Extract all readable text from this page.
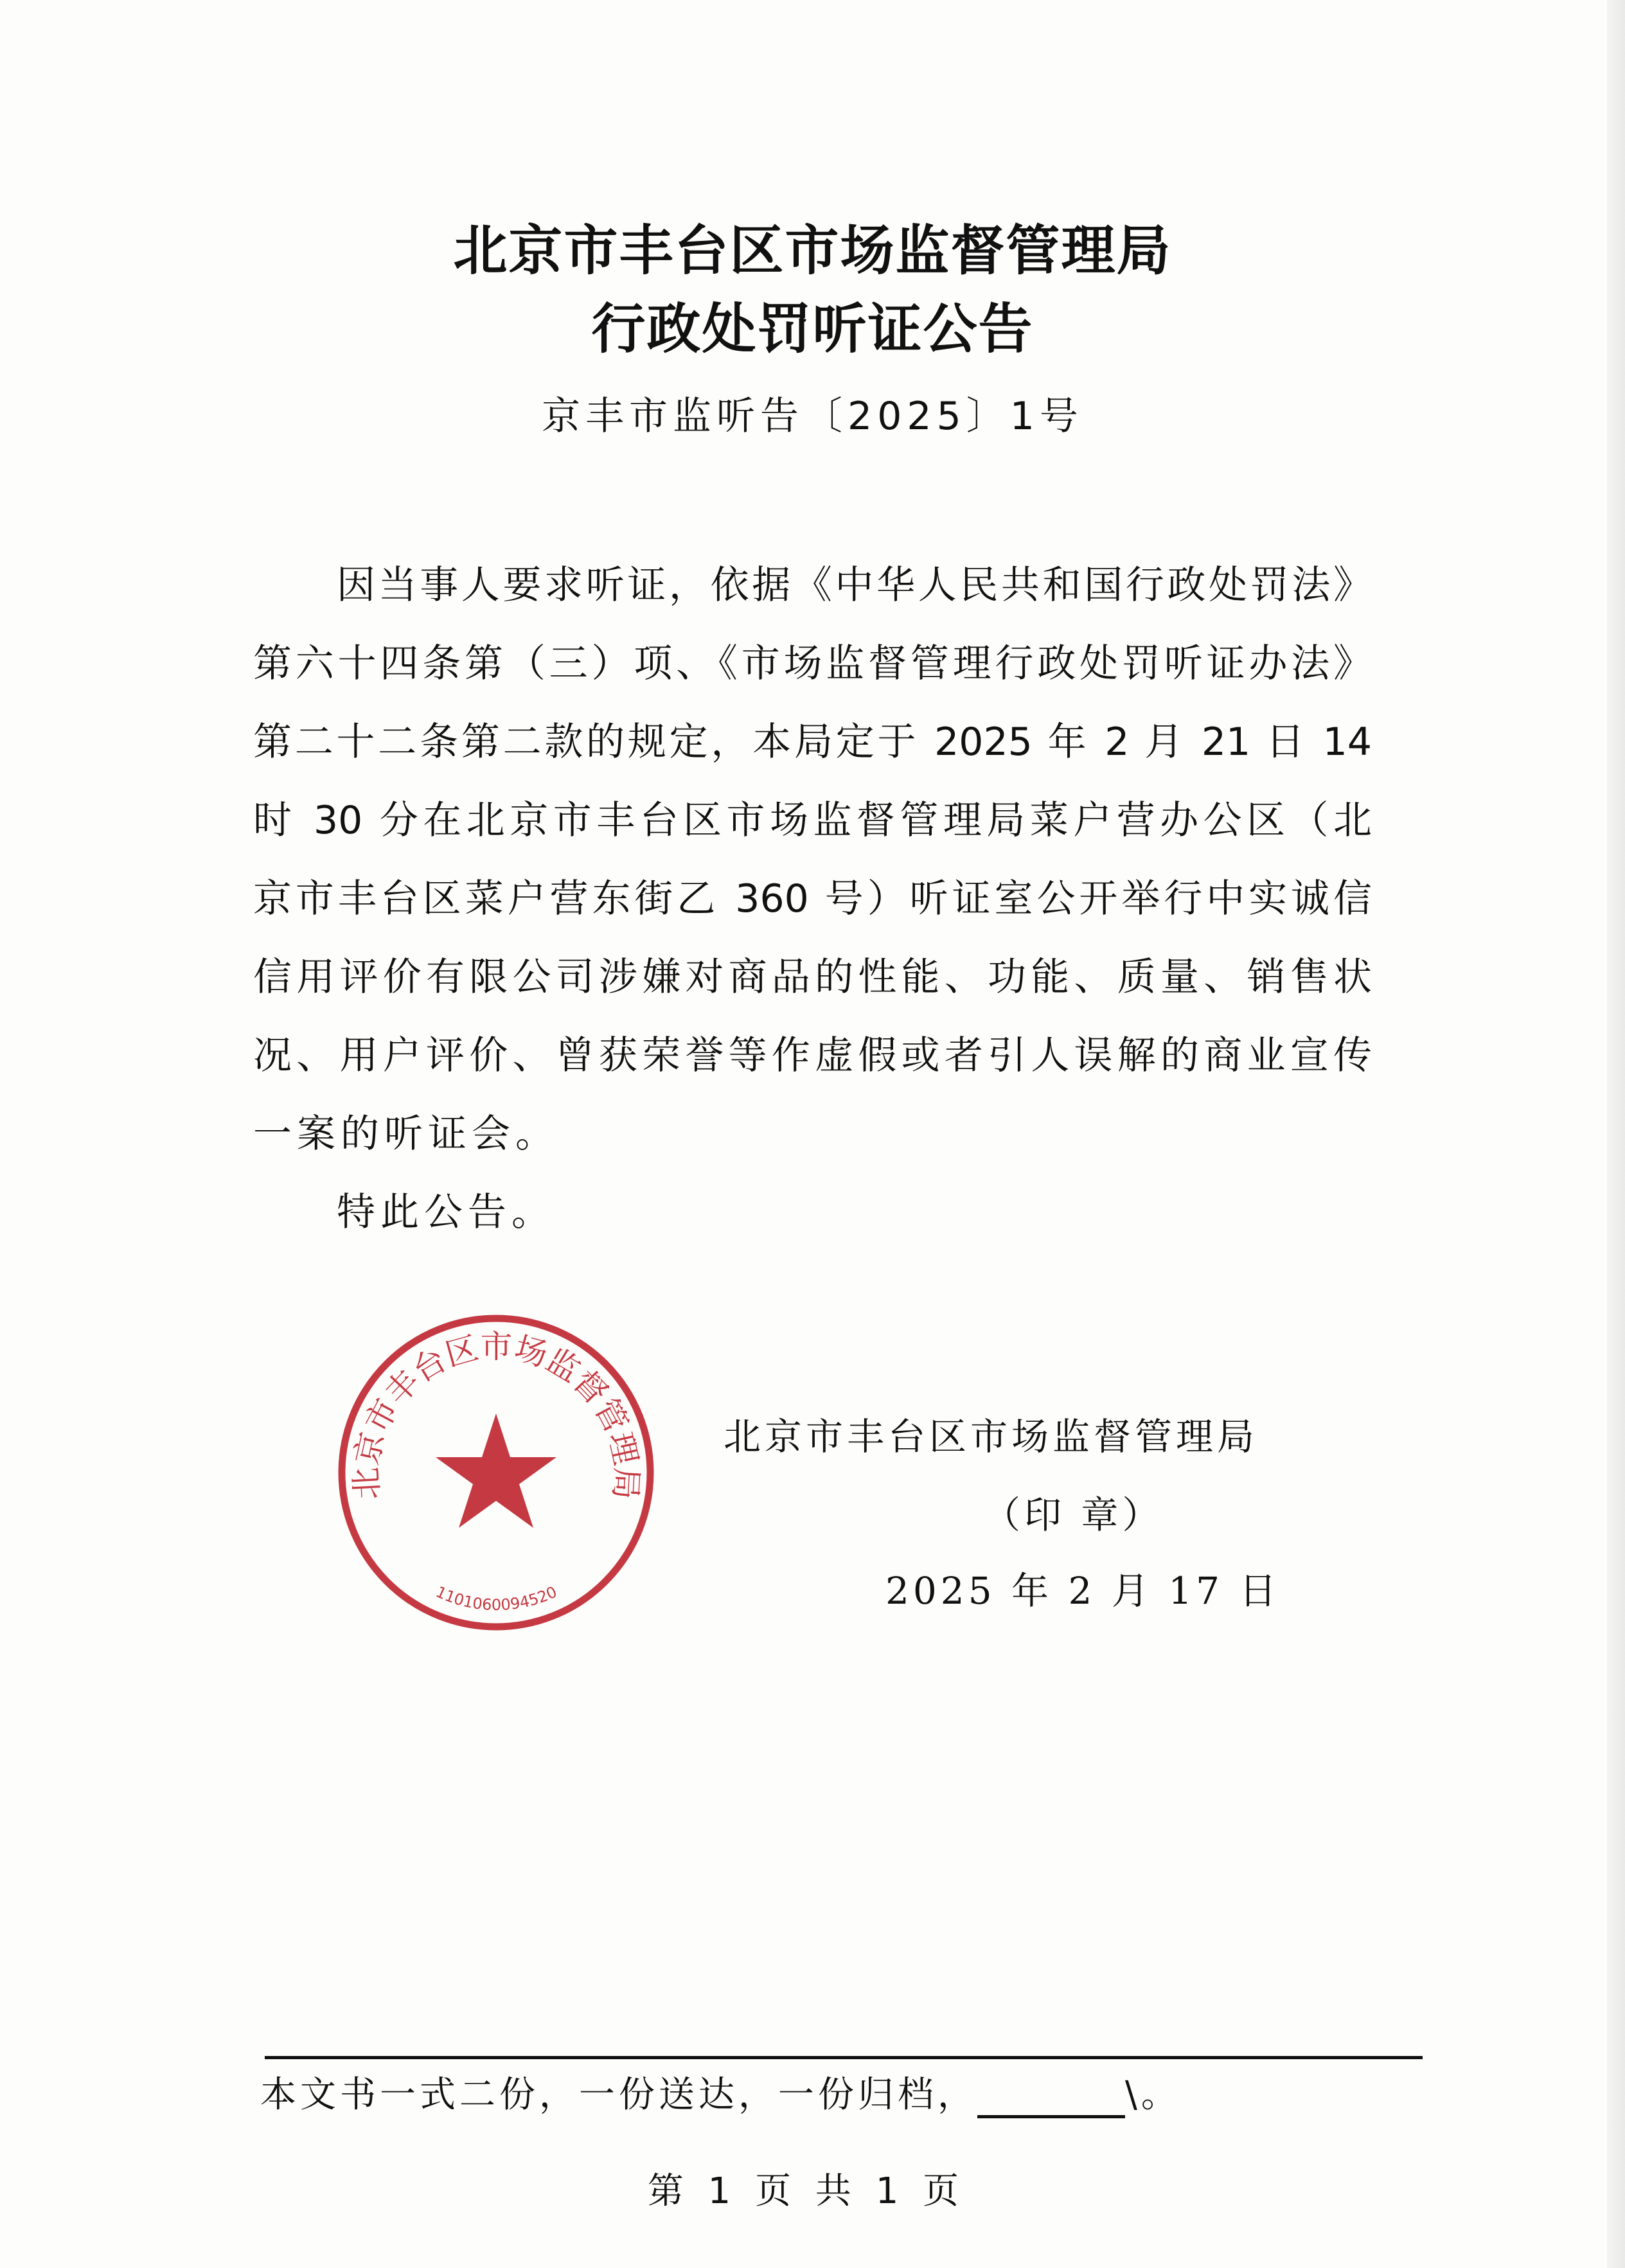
北京市丰台区市场监督管理局
行政处罚听证公告
京丰市监听告〔2025〕1号
因当事人要求听证，依据《中华人民共和国行政处罚法》
第六十四条第（三）项、《市场监督管理行政处罚听证办法》
第二十二条第二款的规定，本局定于 2025 年 2 月 21 日 14
时 30 分在北京市丰台区市场监督管理局菜户营办公区（北
京市丰台区菜户营东街乙 360 号）听证室公开举行中实诚信
信用评价有限公司涉嫌对商品的性能、功能、质量、销售状
况、用户评价、曾获荣誉等作虚假或者引人误解的商业宣传
一案的听证会。
特此公告。
北京市丰台区市场监督管理局
1101060094520
北京市丰台区市场监督管理局
（印 章）
2025 年 2 月 17 日
本文书一式二份，一份送达，一份归档，	\。
第 1 页 共 1 页
